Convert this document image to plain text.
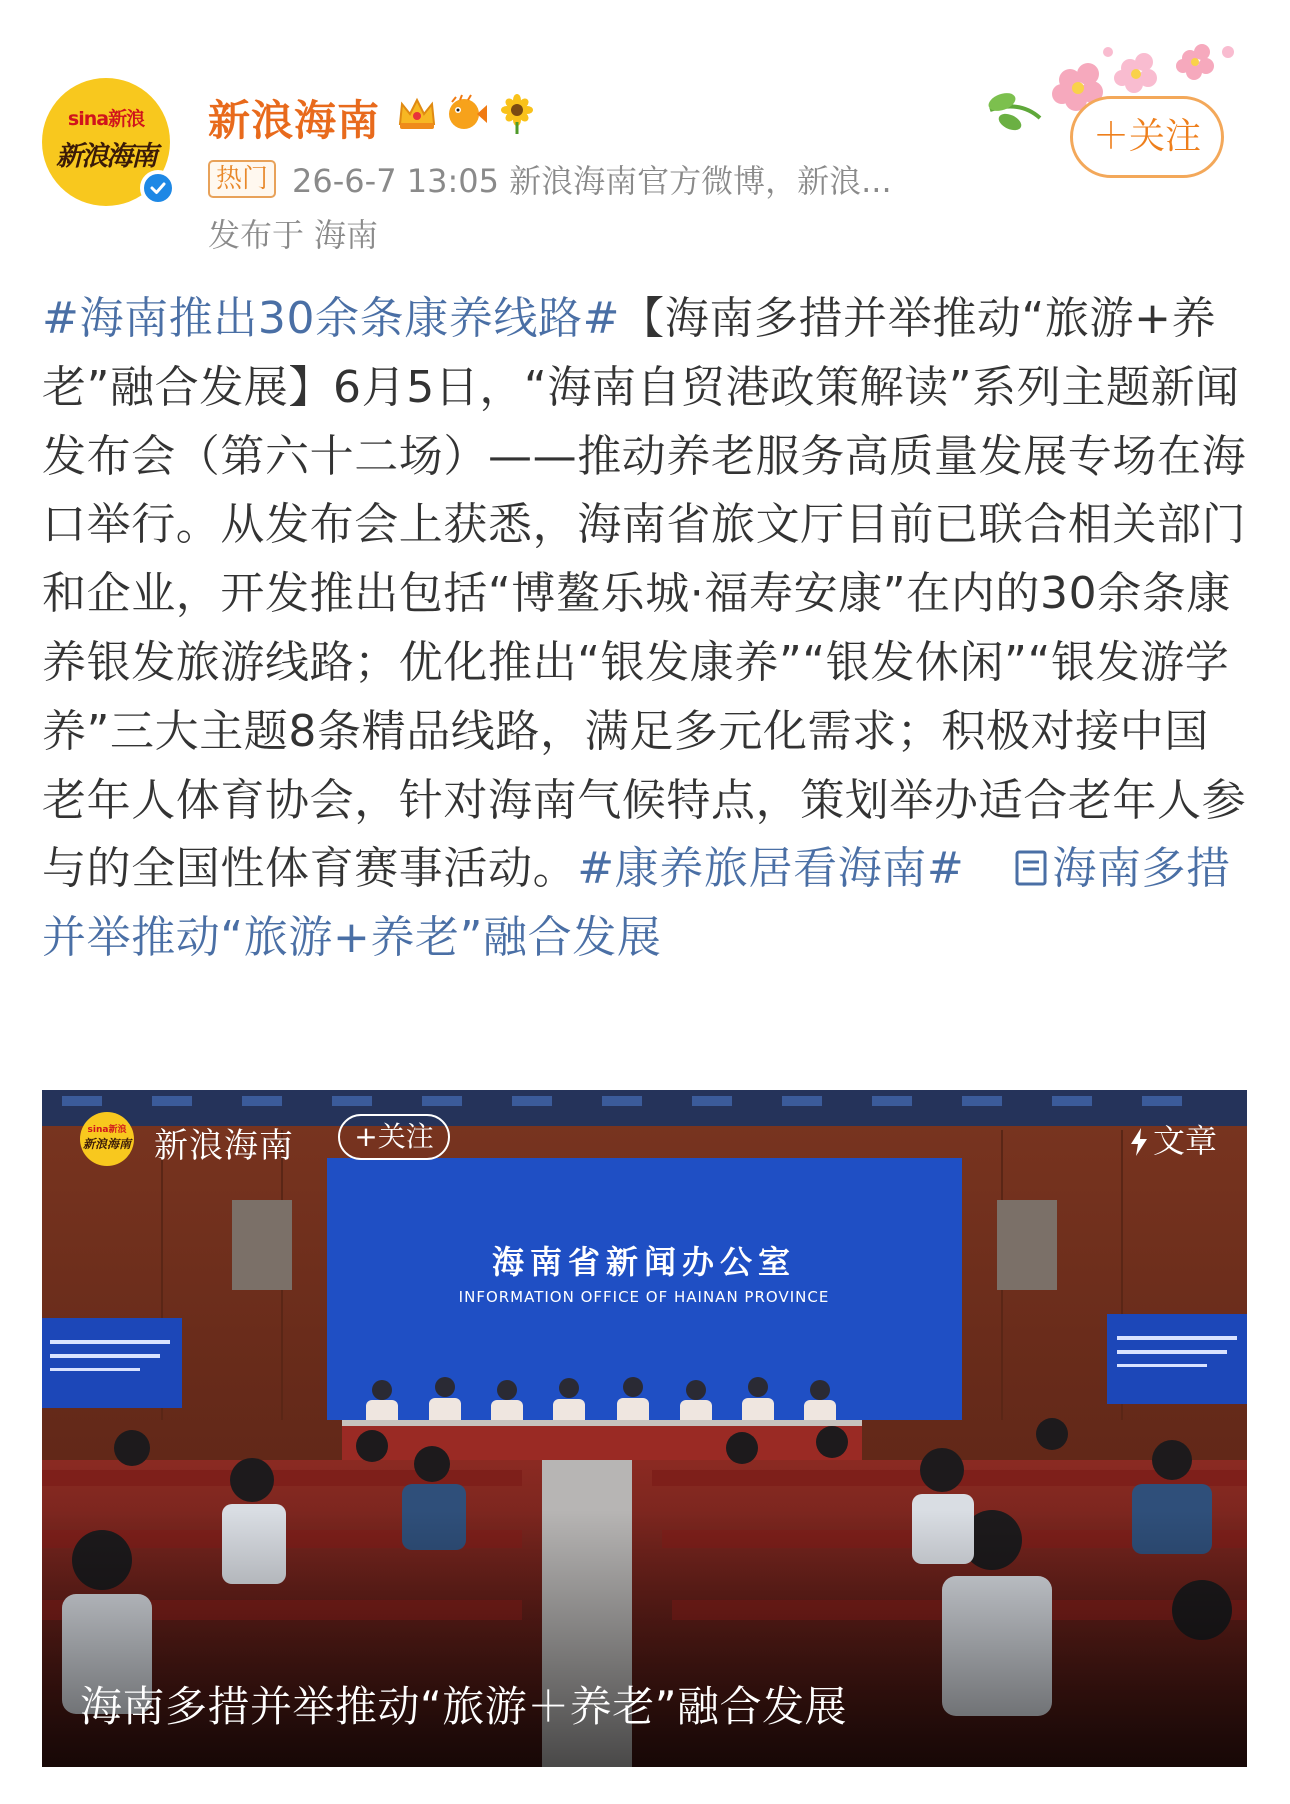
sina新浪
新浪海南
新浪海南
热门 26-6-7 13:05 新浪海南官方微博，新浪...
发布于 海南
＋关注
#海南推出30余条康养线路#【海南多措并举推动“旅游+养老”融合发展】6月5日，“海南自贸港政策解读”系列主题新闻发布会（第六十二场）——推动养老服务高质量发展专场在海口举行。从发布会上获悉，海南省旅文厅目前已联合相关部门和企业，开发推出包括“博鳌乐城·福寿安康”在内的30余条康养银发旅游线路；优化推出“银发康养”“银发休闲”“银发游学养”三大主题8条精品线路，满足多元化需求；积极对接中国老年人体育协会，针对海南气候特点，策划举办适合老年人参与的全国性体育赛事活动。#康养旅居看海南# 海南多措并举推动“旅游+养老”融合发展
海南省新闻办公室
INFORMATION OFFICE OF HAINAN PROVINCE
sina新浪
新浪海南 新浪海南	+关注	文章
海南多措并举推动“旅游＋养老”融合发展
